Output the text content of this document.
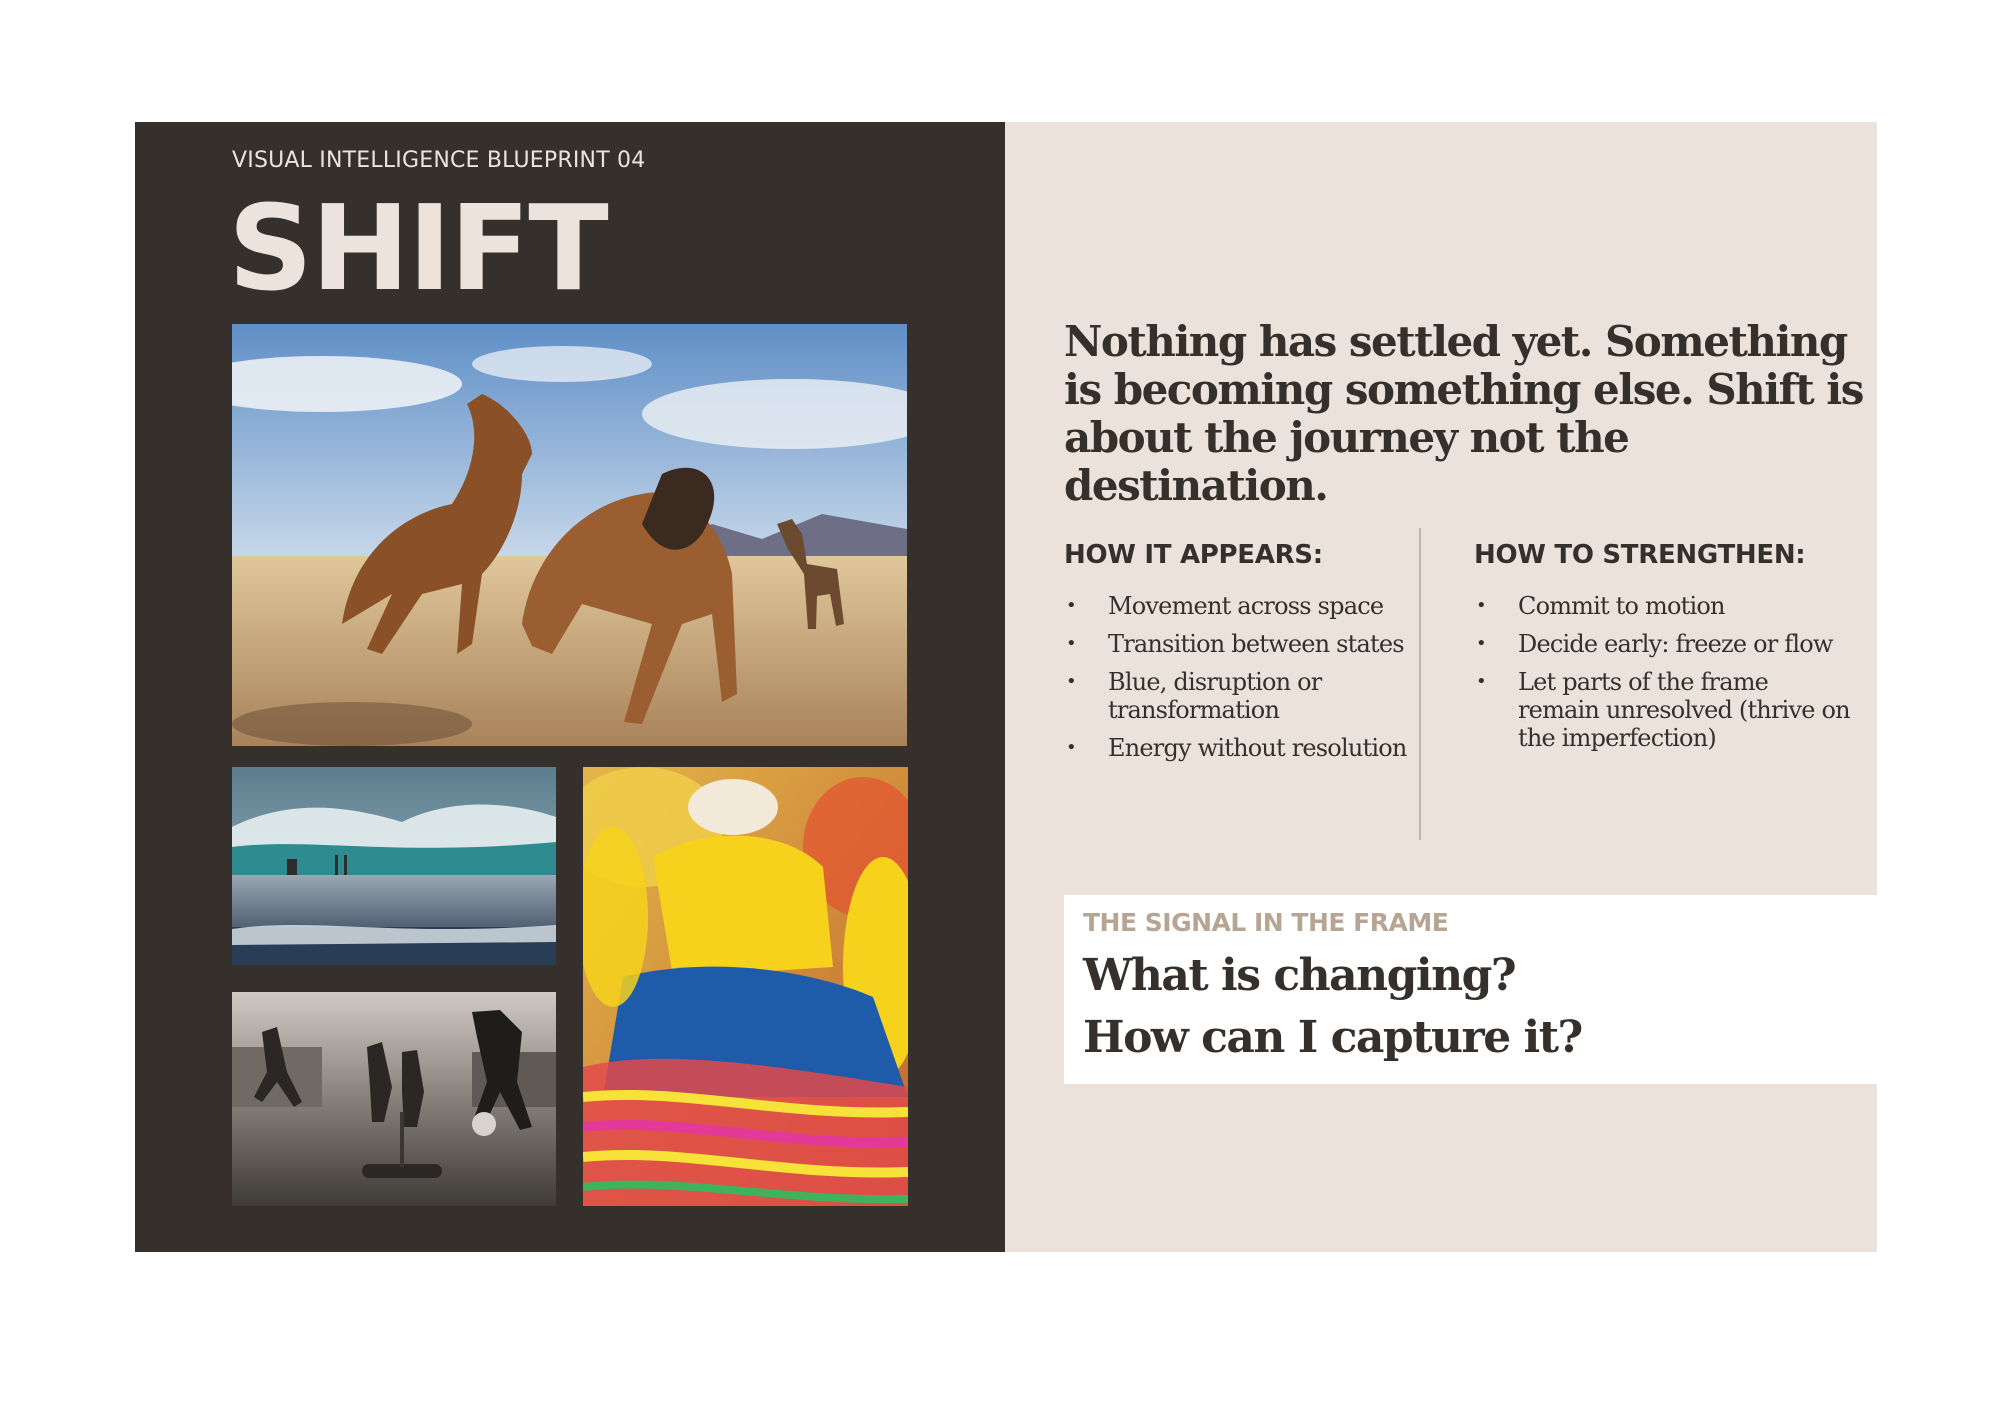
VISUAL INTELLIGENCE BLUEPRINT 04
SHIFT

Nothing has settled yet. Something is becoming something else. Shift is about the journey not the destination.

HOW IT APPEARS:	HOW TO STRENGTHEN:
• Movement across space
• Transition between states
• Blue, disruption or transformation
• Energy without resolution
• Commit to motion
• Decide early: freeze or flow
• Let parts of the frame remain unresolved (thrive on the imperfection)
THE SIGNAL IN THE FRAME
What is changing?
How can I capture it?
